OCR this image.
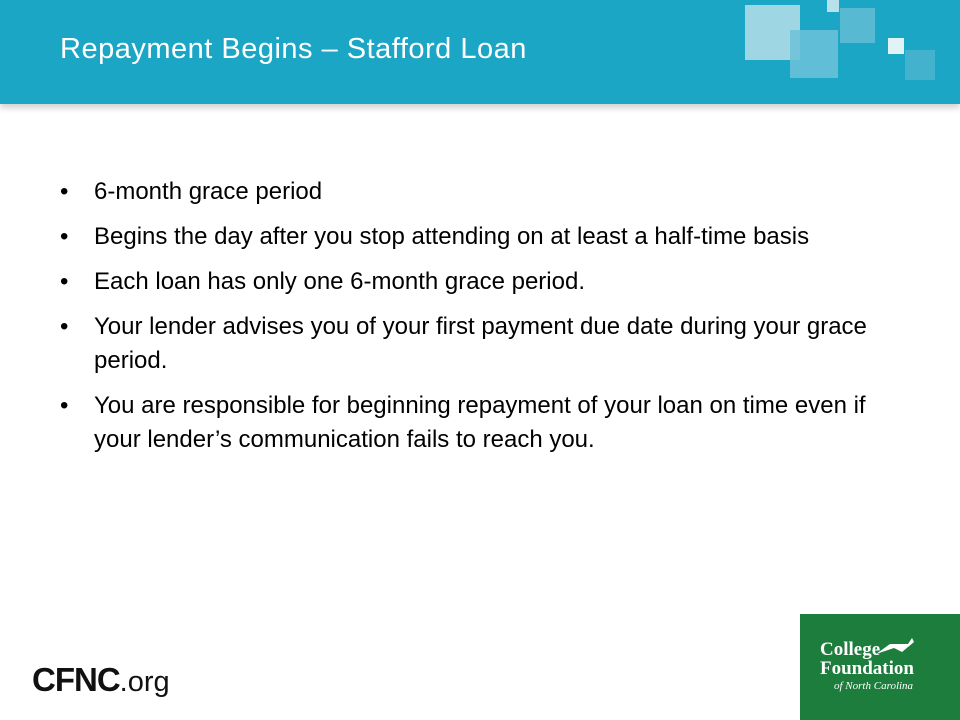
Repayment Begins – Stafford Loan
• 6-month grace period
• Begins the day after you stop attending on at least a half-time basis
• Each loan has only one 6-month grace period.
• Your lender advises you of your first payment due date during your grace period.
• You are responsible for beginning repayment of your loan on time even if your lender’s communication fails to reach you.
CFNC.org
College
Foundation
of North Carolina
